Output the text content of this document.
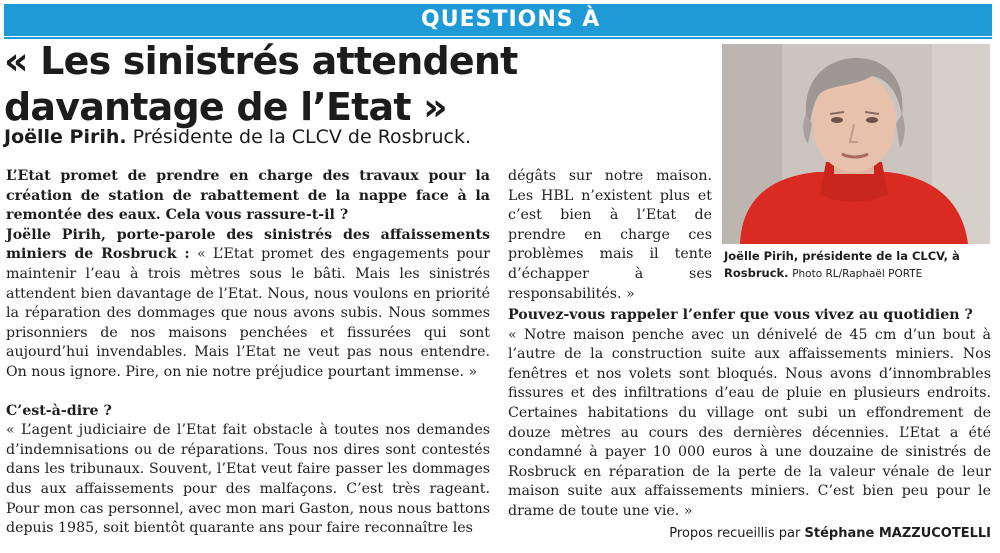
QUESTIONS À
« Les sinistrés attendent davantage de l’Etat »
Joëlle Pirih. Présidente de la CLCV de Rosbruck.
Joëlle Pirih, présidente de la CLCV, à Rosbruck. Photo RL/Raphaël PORTE

L’Etat promet de prendre en charge des travaux pour la création de station de rabattement de la nappe face à la remontée des eaux. Cela vous rassure-t-il ?

Joëlle Pirih, porte-parole des sinistrés des affaissements miniers de Rosbruck : « L’Etat promet des engagements pour maintenir l’eau à trois mètres sous le bâti. Mais les sinistrés attendent bien davantage de l’Etat. Nous, nous voulons en priorité la réparation des dommages que nous avons subis. Nous sommes prisonniers de nos maisons penchées et fissurées qui sont aujourd’hui invendables. Mais l’Etat ne veut pas nous entendre. On nous ignore. Pire, on nie notre préjudice pourtant immense. »

C’est-à-dire ?

« L’agent judiciaire de l’Etat fait obstacle à toutes nos demandes d’indemnisations ou de réparations. Tous nos dires sont contestés dans les tribunaux. Souvent, l’Etat veut faire passer les dommages dus aux affaissements pour des malfaçons. C’est très rageant. Pour mon cas personnel, avec mon mari Gaston, nous nous battons depuis 1985, soit bientôt quarante ans pour faire reconnaître les

dégâts sur notre maison. Les HBL n’existent plus et c’est bien à l’Etat de prendre en charge ces problèmes mais il tente d’échapper à ses responsabilités. »

Pouvez-vous rappeler l’enfer que vous vivez au quotidien ?

« Notre maison penche avec un dénivelé de 45 cm d’un bout à l’autre de la construction suite aux affaissements miniers. Nos fenêtres et nos volets sont bloqués. Nous avons d’innombrables fissures et des infiltrations d’eau de pluie en plusieurs endroits. Certaines habitations du village ont subi un effondrement de douze mètres au cours des dernières décennies. L’Etat a été condamné à payer 10 000 euros à une douzaine de sinistrés de Rosbruck en réparation de la perte de la valeur vénale de leur maison suite aux affaissements miniers. C’est bien peu pour le drame de toute une vie. »

Propos recueillis par Stéphane MAZZUCOTELLI
